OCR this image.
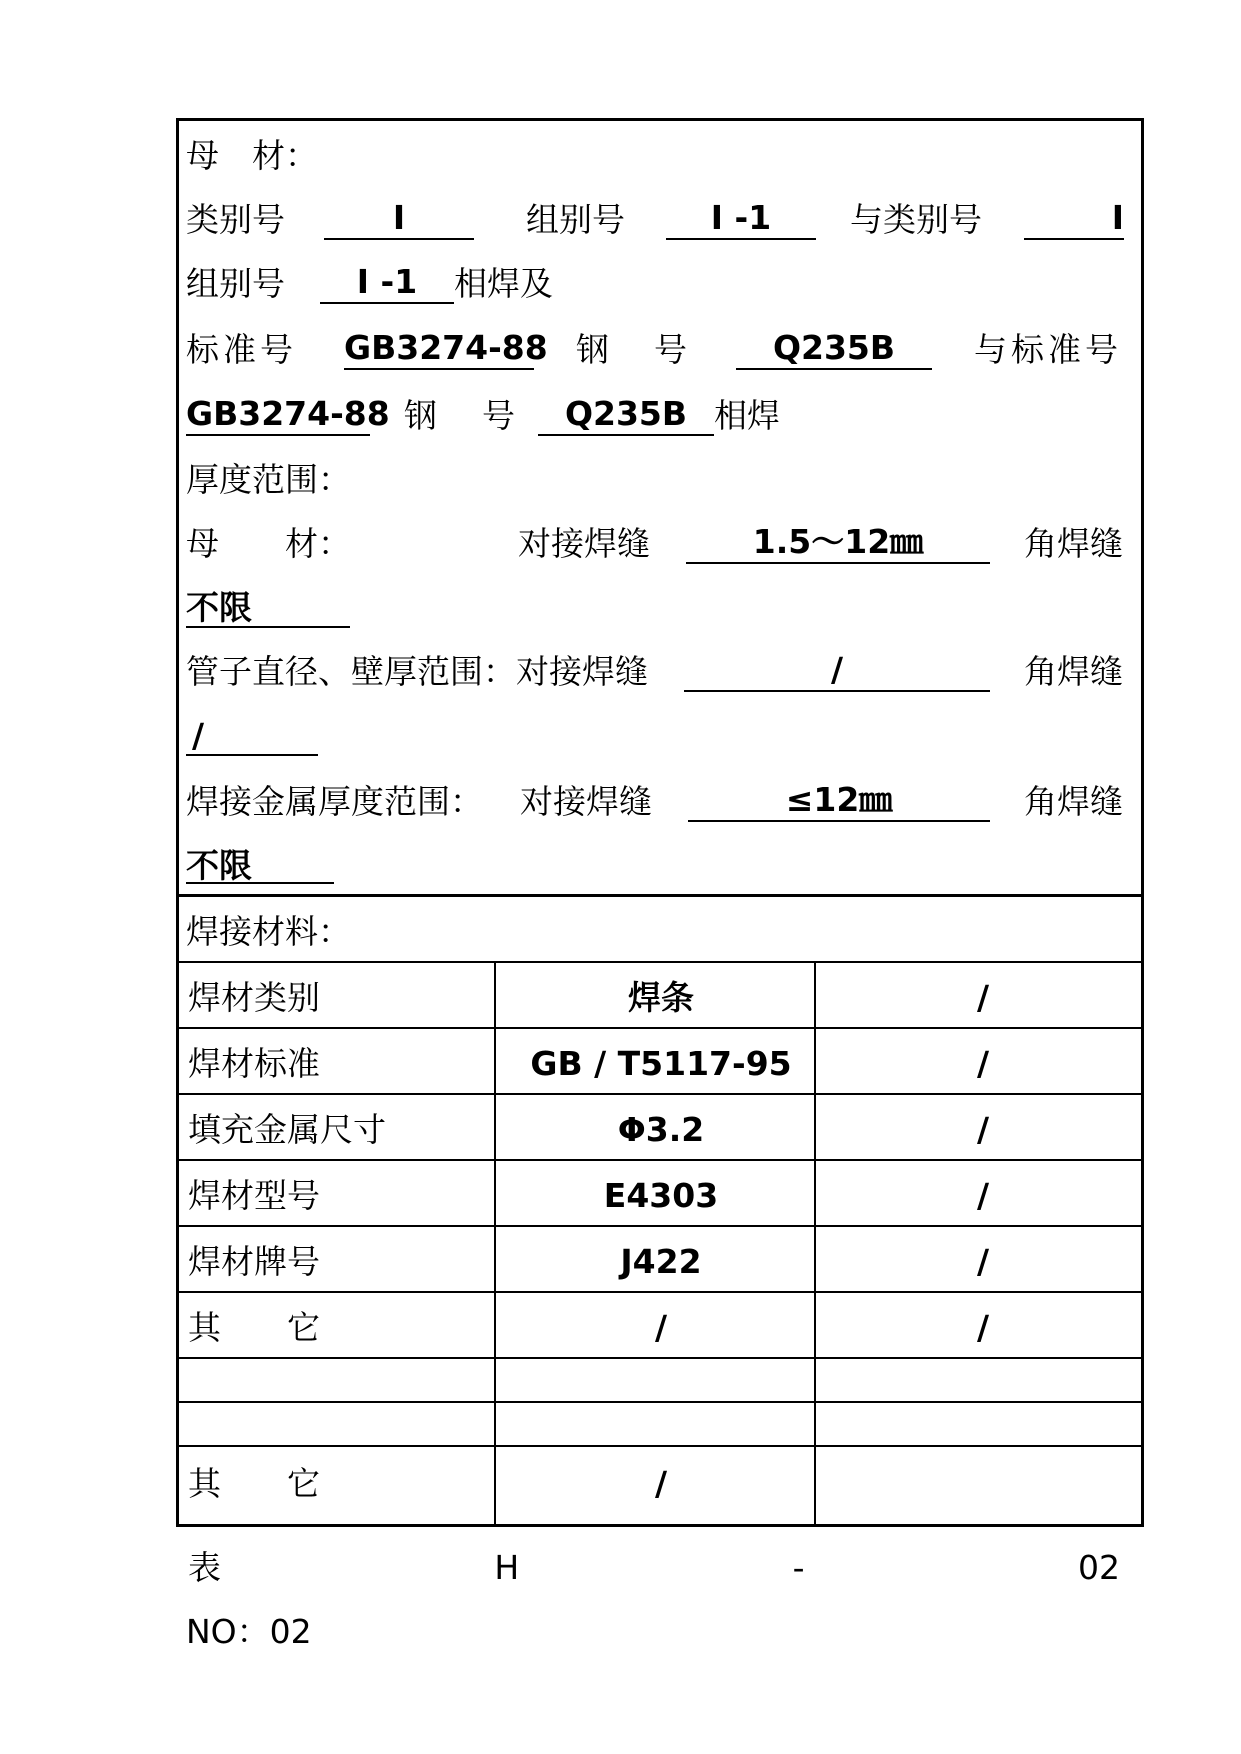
母　材：
类别号	I	组别号	I -1	与类别号	I
组别号	I -1	相焊及
标准号 GB3274-88 钢　号	Q235B	与标准号
GB3274-88 钢　号	Q235B 相焊
厚度范围：
母　　材：	对接焊缝	1.5～12㎜	角焊缝
不限
管子直径、壁厚范围：对接焊缝	/	角焊缝
/
焊接金属厚度范围： 对接焊缝	≤12㎜	角焊缝
不限
焊接材料：
焊材类别	焊条	/
焊材标准	GB / T5117-95	/
填充金属尺寸	Φ3.2	/
焊材型号	E4303	/
焊材牌号	J422	/
其　　它	/	/
其　　它	/
表	H	-	02
NO：02
